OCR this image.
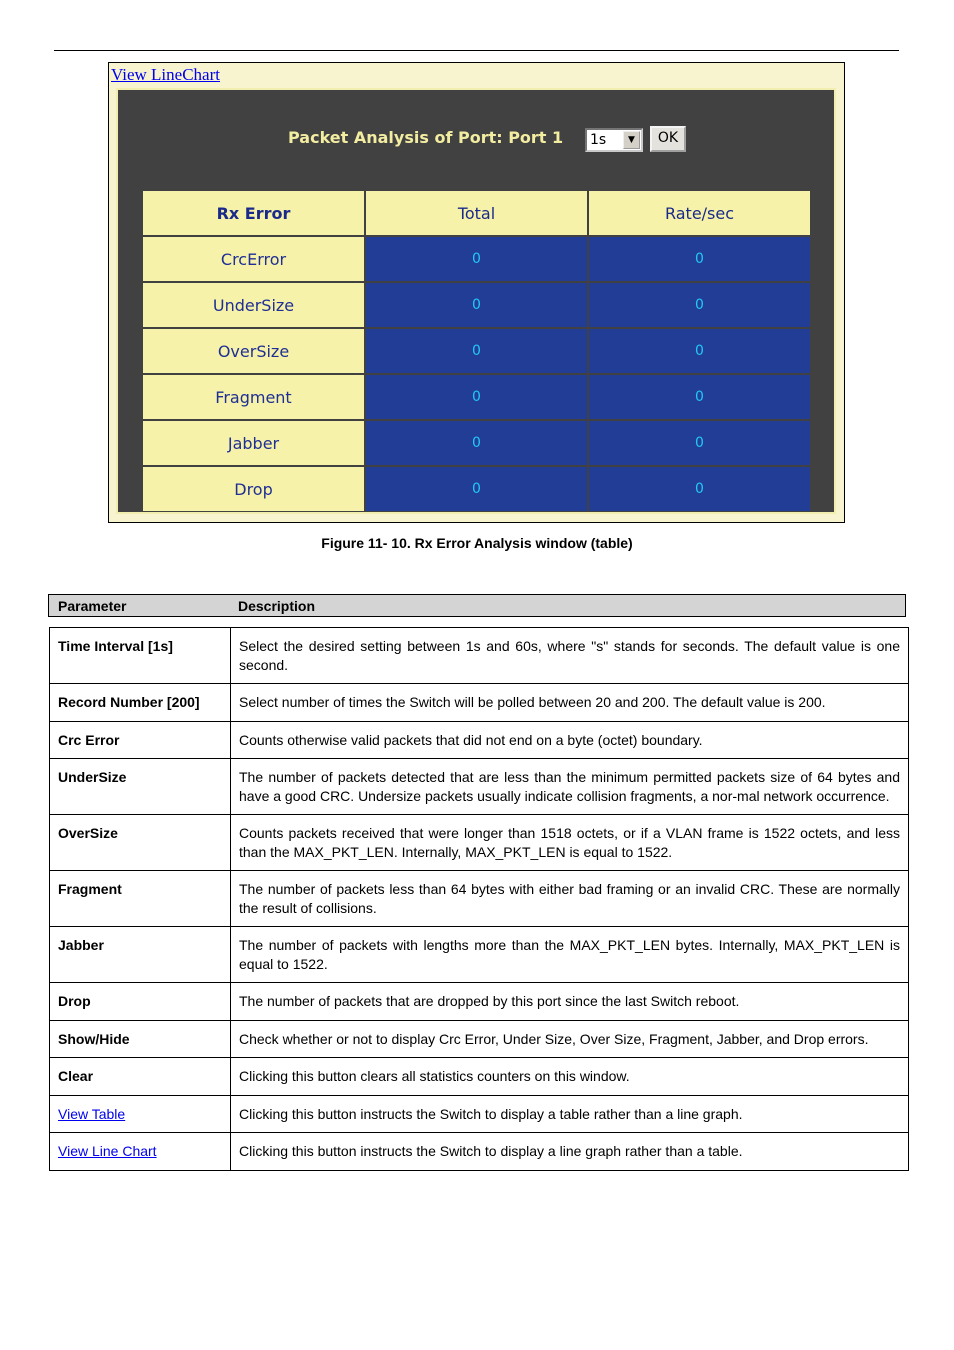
View LineChart
Packet Analysis of Port: Port 1 1s	▼	OK
Rx Error	Total	Rate/sec
CrcError	0	0
UnderSize	0	0
OverSize	0	0
Fragment	0	0
Jabber	0	0
Drop	0	0
Figure 11- 10. Rx Error Analysis window (table)
Parameter	Description
Time Interval [1s]	Select the desired setting between 1s and 60s, where "s" stands for seconds. The default value is one second.
Record Number [200]	Select number of times the Switch will be polled between 20 and 200. The default value is 200.
Crc Error	Counts otherwise valid packets that did not end on a byte (octet) boundary.
UnderSize	The number of packets detected that are less than the minimum permitted packets size of 64 bytes and have a good CRC. Undersize packets usually indicate collision fragments, a nor-mal network occurrence.
OverSize	Counts packets received that were longer than 1518 octets, or if a VLAN frame is 1522 octets, and less than the MAX_PKT_LEN. Internally, MAX_PKT_LEN is equal to 1522.
Fragment	The number of packets less than 64 bytes with either bad framing or an invalid CRC. These are normally the result of collisions.
Jabber	The number of packets with lengths more than the MAX_PKT_LEN bytes. Internally, MAX_PKT_LEN is equal to 1522.
Drop	The number of packets that are dropped by this port since the last Switch reboot.
Show/Hide	Check whether or not to display Crc Error, Under Size, Over Size, Fragment, Jabber, and Drop errors.
Clear	Clicking this button clears all statistics counters on this window.
View Table	Clicking this button instructs the Switch to display a table rather than a line graph.
View Line Chart	Clicking this button instructs the Switch to display a line graph rather than a table.
